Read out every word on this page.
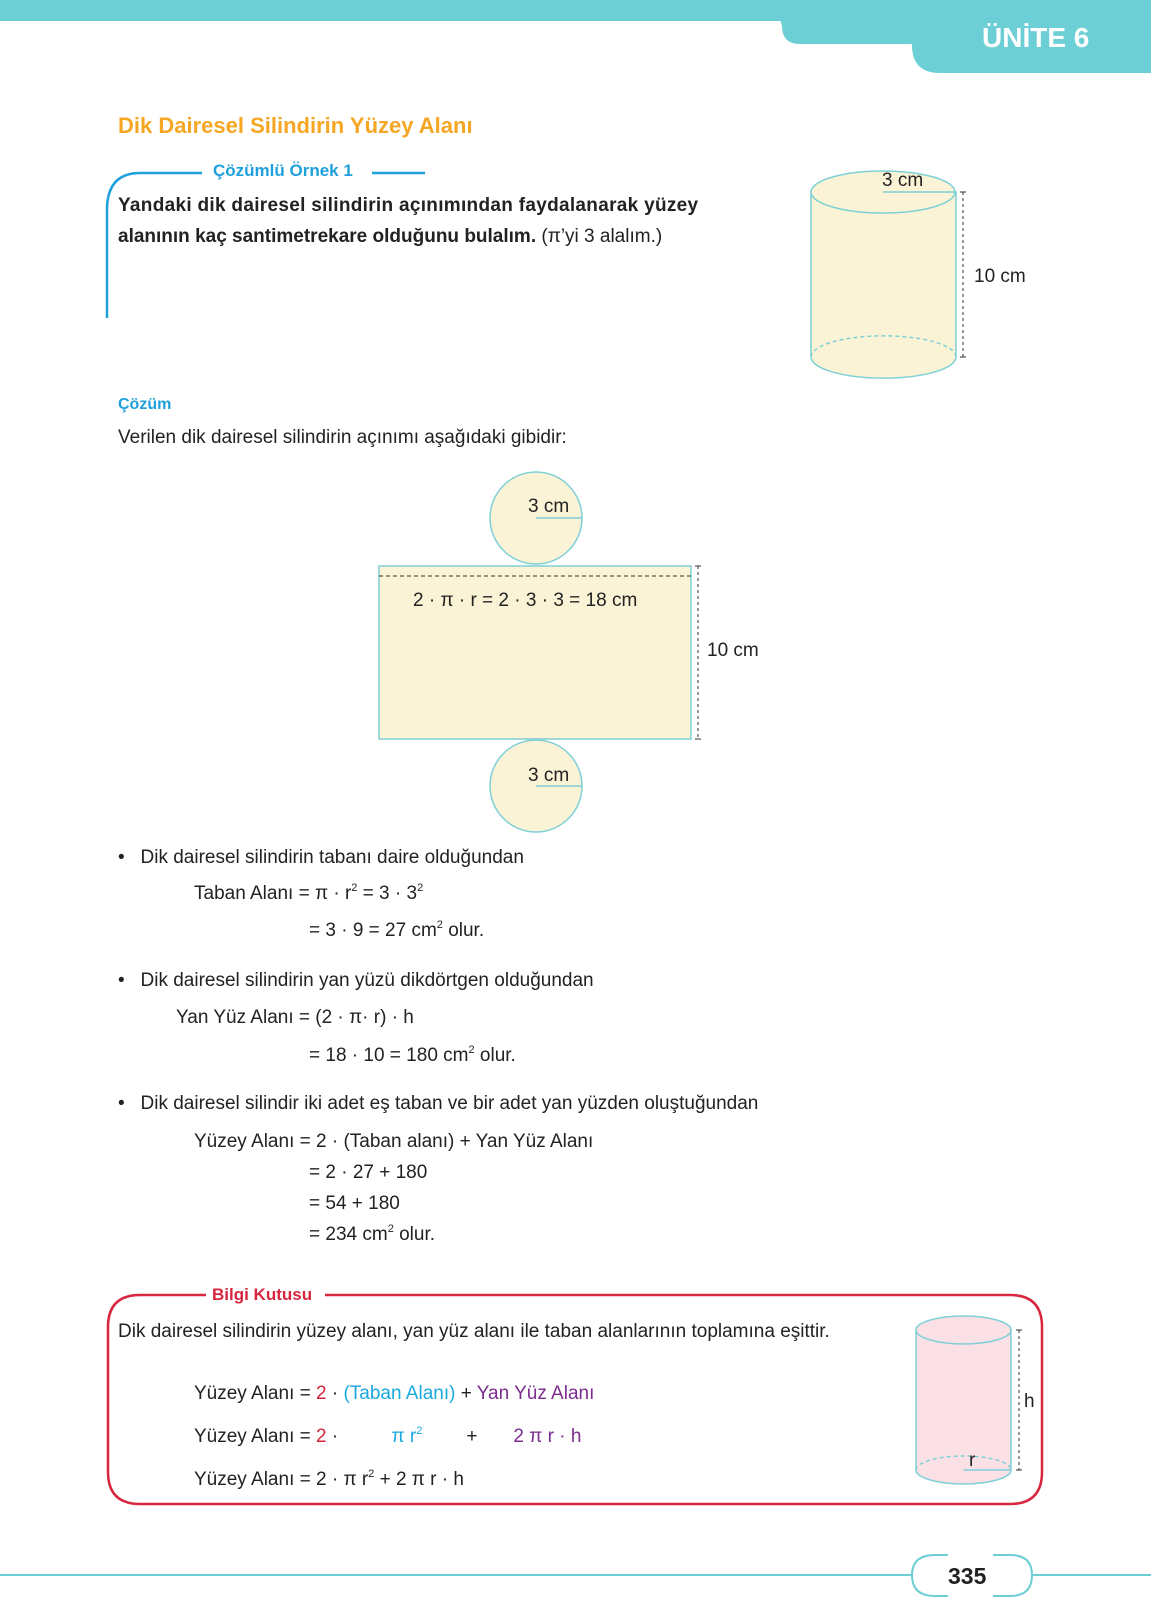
ÜNİTE 6
Dik Dairesel Silindirin Yüzey Alanı
Çözümlü Örnek 1
Yandaki dik dairesel silindirin açınımından faydalanarak yüzey
alanının kaç santimetrekare olduğunu bulalım. (π’yi 3 alalım.)
3 cm
10 cm
Çözüm
Verilen dik dairesel silindirin açınımı aşağıdaki gibidir:
3 cm
2 · π · r = 2 · 3 · 3 = 18 cm
10 cm
3 cm
• Dik dairesel silindirin tabanı daire olduğundan
Taban Alanı = $\pi \cdot r^2 = 3 \cdot 3^2$
= 3 · 9 = 27 $cm^2$ olur.
• Dik dairesel silindirin yan yüzü dikdörtgen olduğundan
Yan Yüz Alanı = (2 · π· r) · h
= 18 · 10 = 180 $cm^2$ olur.
• Dik dairesel silindir iki adet eş taban ve bir adet yan yüzden oluştuğundan
Yüzey Alanı = 2 · (Taban alanı) + Yan Yüz Alanı
= 2 · 27 + 180
= 54 + 180
= 234 $cm^2$ olur.
Bilgi Kutusu
Dik dairesel silindirin yüzey alanı, yan yüz alanı ile taban alanlarının toplamına eşittir.
Yüzey Alanı = 2 · (Taban Alanı) + Yan Yüz Alanı
Yüzey Alanı = 2 ·	π $r^2 + 2$ π r · h
Yüzey Alanı = 2 · π $r^2 + 2$ π r · h
h
r
335
